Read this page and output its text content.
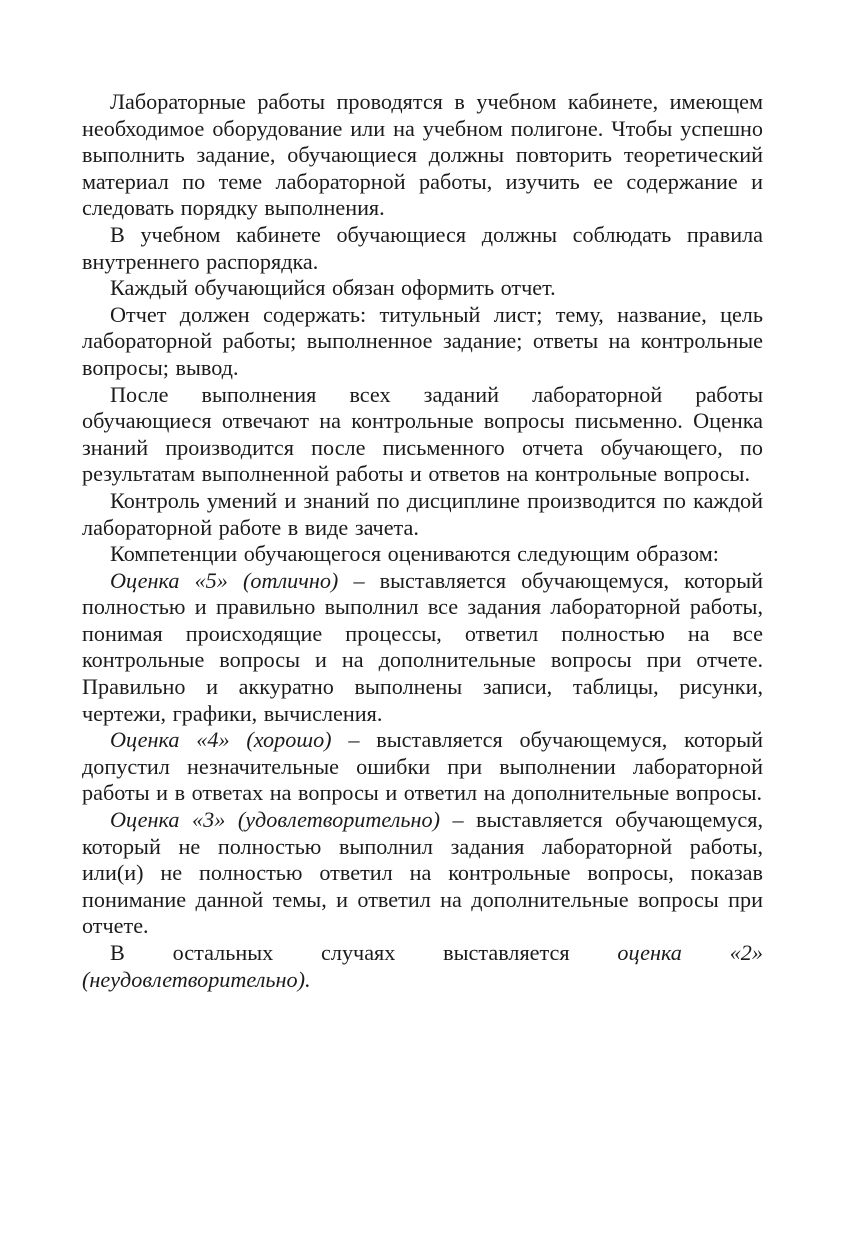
Лабораторные работы проводятся в учебном кабинете, имеющем необходимое оборудование или на учебном полигоне. Чтобы успешно выполнить задание, обучающиеся должны повторить теоретический материал по теме лабораторной работы, изучить ее содержание и следовать порядку выполнения.

В учебном кабинете обучающиеся должны соблюдать правила внутреннего распорядка.

Каждый обучающийся обязан оформить отчет.

Отчет должен содержать: титульный лист; тему, название, цель лабораторной работы; выполненное задание; ответы на контрольные вопросы; вывод.

После выполнения всех заданий лабораторной работы обучающиеся отвечают на контрольные вопросы письменно. Оценка знаний производится после письменного отчета обучающего, по результатам выполненной работы и ответов на контрольные вопросы.

Контроль умений и знаний по дисциплине производится по каждой лабораторной работе в виде зачета.

Компетенции обучающегося оцениваются следующим образом:

Оценка «5» (отлично) – выставляется обучающемуся, который полностью и правильно выполнил все задания лабораторной работы, понимая происходящие процессы, ответил полностью на все контрольные вопросы и на дополнительные вопросы при отчете. Правильно и аккуратно выполнены записи, таблицы, рисунки, чертежи, графики, вычисления.

Оценка «4» (хорошо) – выставляется обучающемуся, который допустил незначительные ошибки при выполнении лабораторной работы и в ответах на вопросы и ответил на дополнительные вопросы.

Оценка «3» (удовлетворительно) – выставляется обучающемуся, который не полностью выполнил задания лабораторной работы, или(и) не полностью ответил на контрольные вопросы, показав понимание данной темы, и ответил на дополнительные вопросы при отчете.

В остальных случаях выставляется оценка «2» (неудовлетворительно).
